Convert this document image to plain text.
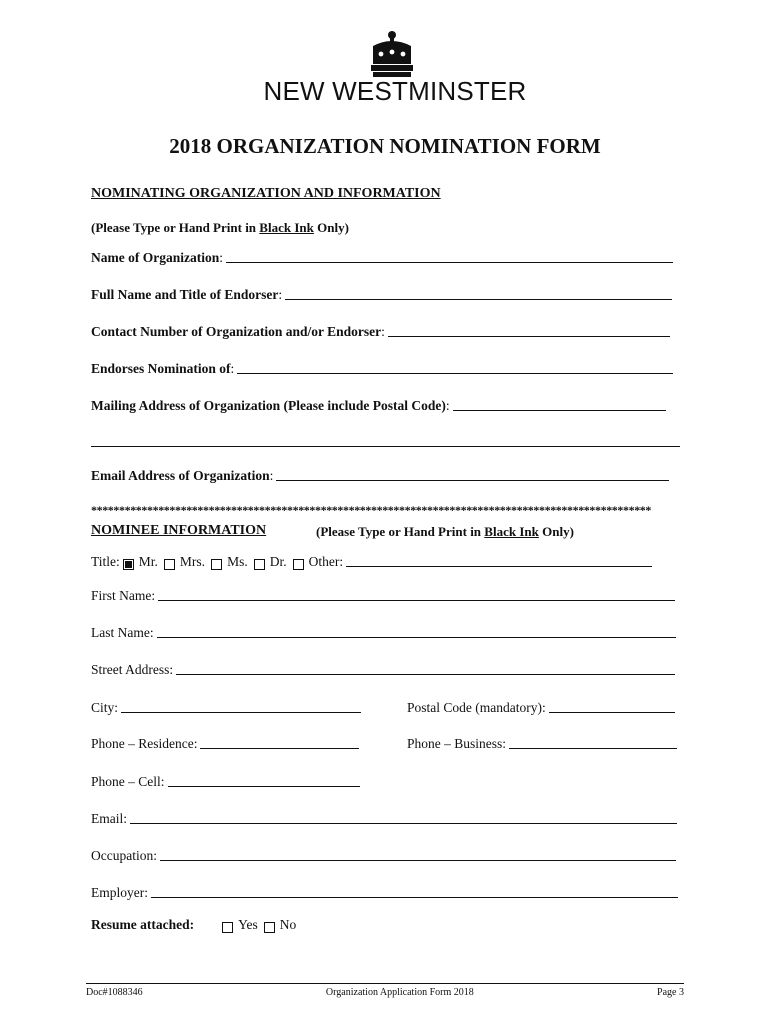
NEW WESTMINSTER
2018 ORGANIZATION NOMINATION FORM
NOMINATING ORGANIZATION AND INFORMATION
(Please Type or Hand Print in Black Ink Only)
Name of Organization :
Full Name and Title of Endorser :
Contact Number of Organization and/or Endorser :
Endorses Nomination of :
Mailing Address of Organization (Please include Postal Code) :
Email Address of Organization :
****************************************************************************************************
NOMINEE INFORMATION	(Please Type or Hand Print in Black Ink Only)
Title: Mr. Mrs. Ms. Dr. Other:
First Name:
Last Name:
Street Address:
City:	Postal Code (mandatory):
Phone – Residence:	Phone – Business:
Phone – Cell:
Email:
Occupation:
Employer:
Resume attached:	Yes No
Doc#1088346	Organization Application Form 2018	Page 3
